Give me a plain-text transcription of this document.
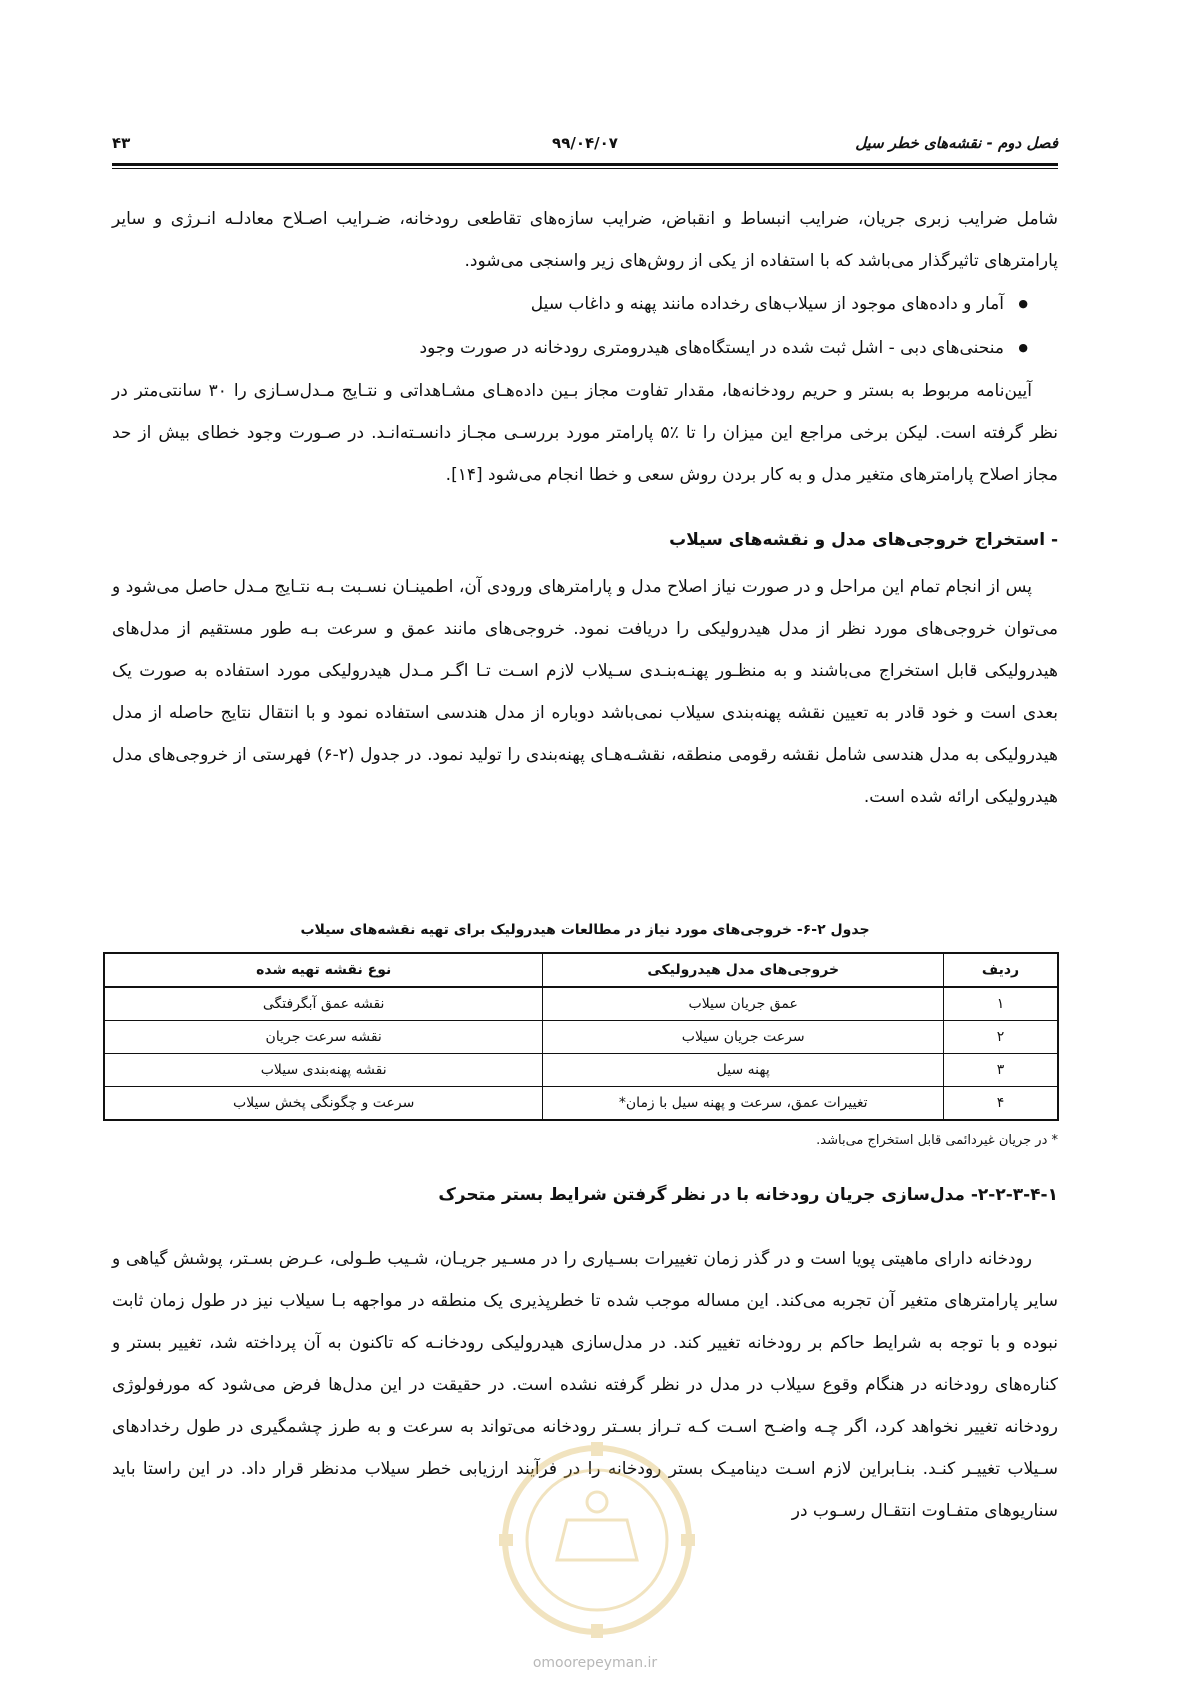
فصل دوم - نقشه‌های خطر سیل
۹۹/۰۴/۰۷
۴۳

شامل ضرایب زبری جریان، ضرایب انبساط و انقباض، ضرایب سازه‌های تقاطعی رودخانه، ضـرایب اصـلاح معادلـه انـرژی و سایر پارامترهای تاثیرگذار می‌باشد که با استفاده از یکی از روش‌های زیر واسنجی می‌شود.

● آمار و داده‌های موجود از سیلاب‌های رخداده مانند پهنه و داغاب سیل
● منحنی‌های دبی - اشل ثبت شده در ایستگاه‌های هیدرومتری رودخانه در صورت وجود

آیین‌نامه مربوط به بستر و حریم رودخانه‌ها، مقدار تفاوت مجاز بـین داده‌هـای مشـاهداتی و نتـایج مـدل‌سـازی را ۳۰ سانتی‌متر در نظر گرفته است. لیکن برخی مراجع این میزان را تا ٪۵ پارامتر مورد بررسـی مجـاز دانسـته‌انـد. در صـورت وجود خطای بیش از حد مجاز اصلاح پارامترهای متغیر مدل و به کار بردن روش سعی و خطا انجام می‌شود [۱۴].

- استخراج خروجی‌های مدل و نقشه‌های سیلاب

پس از انجام تمام این مراحل و در صورت نیاز اصلاح مدل و پارامترهای ورودی آن، اطمینـان نسـبت بـه نتـایج مـدل حاصل می‌شود و می‌توان خروجی‌های مورد نظر از مدل هیدرولیکی را دریافت نمود. خروجی‌های مانند عمق و سرعت بـه طور مستقیم از مدل‌های هیدرولیکی قابل استخراج می‌باشند و به منظـور پهنـه‌بنـدی سـیلاب لازم اسـت تـا اگـر مـدل هیدرولیکی مورد استفاده به صورت یک بعدی است و خود قادر به تعیین نقشه پهنه‌بندی سیلاب نمی‌باشد دوباره از مدل هندسی استفاده نمود و با انتقال نتایج حاصله از مدل هیدرولیکی به مدل هندسی شامل نقشه رقومی منطقه، نقشـه‌هـای پهنه‌بندی را تولید نمود. در جدول (۲-۶) فهرستی از خروجی‌های مدل هیدرولیکی ارائه شده است.

جدول ۲-۶- خروجی‌های مورد نیاز در مطالعات هیدرولیک برای تهیه نقشه‌های سیلاب
ردیف	خروجی‌های مدل هیدرولیکی	نوع نقشه تهیه شده
۱	عمق جریان سیلاب	نقشه عمق آبگرفتگی
۲	سرعت جریان سیلاب	نقشه سرعت جریان
۳	پهنه سیل	نقشه پهنه‌بندی سیلاب
۴	تغییرات عمق، سرعت و پهنه سیل با زمان*	سرعت و چگونگی پخش سیلاب
* در جریان غیردائمی قابل استخراج می‌باشد.
۲-۲-۳-۴-۱- مدل‌سازی جریان رودخانه با در نظر گرفتن شرایط بستر متحرک

رودخانه دارای ماهیتی پویا است و در گذر زمان تغییرات بسـیاری را در مسـیر جریـان، شـیب طـولی، عـرض بسـتر، پوشش گیاهی و سایر پارامترهای متغیر آن تجربه می‌کند. این مساله موجب شده تا خطرپذیری یک منطقه در مواجهه بـا سیلاب نیز در طول زمان ثابت نبوده و با توجه به شرایط حاکم بر رودخانه تغییر کند. در مدل‌سازی هیدرولیکی رودخانـه که تاکنون به آن پرداخته شد، تغییر بستر و کناره‌های رودخانه در هنگام وقوع سیلاب در مدل در نظر گرفته نشده است. در حقیقت در این مدل‌ها فرض می‌شود که مورفولوژی رودخانه تغییر نخواهد کرد، اگر چـه واضـح اسـت کـه تـراز بسـتر رودخانه می‌تواند به سرعت و به طرز چشمگیری در طول رخدادهای سـیلاب تغییـر کنـد. بنـابراین لازم اسـت دینامیـک بستر رودخانه را در فرآیند ارزیابی خطر سیلاب مدنظر قرار داد. در این راستا باید سناریوهای متفـاوت انتقـال رسـوب در

omoorepeyman.ir
